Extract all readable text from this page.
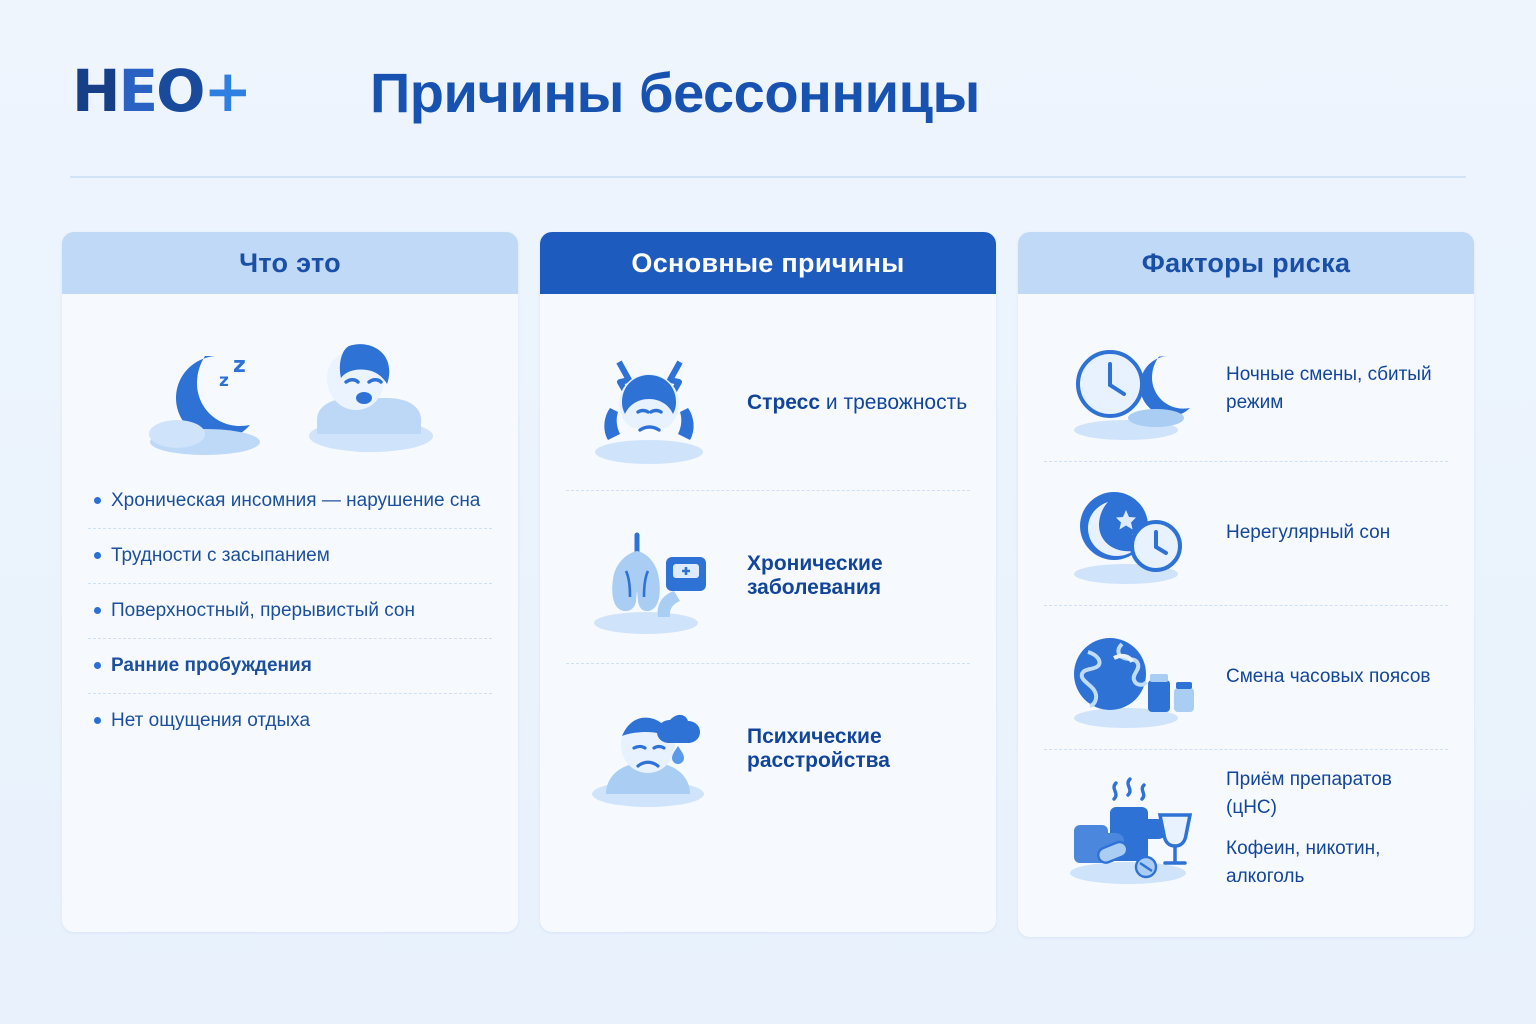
НЕО+ Причины бессонницы
Что это
z
z
Хроническая инсомния — нарушение сна
Трудности с засыпанием
Поверхностный, прерывистый сон
Ранние пробуждения
Нет ощущения отдыха
Основные причины
Стресс и тревожность
Хронические заболевания
Психические расстройства
Факторы риска
Ночные смены, сбитый режим
Нерегулярный сон
Смена часовых поясов
Приём препаратов (цНС)
Кофеин, никотин, алкоголь
